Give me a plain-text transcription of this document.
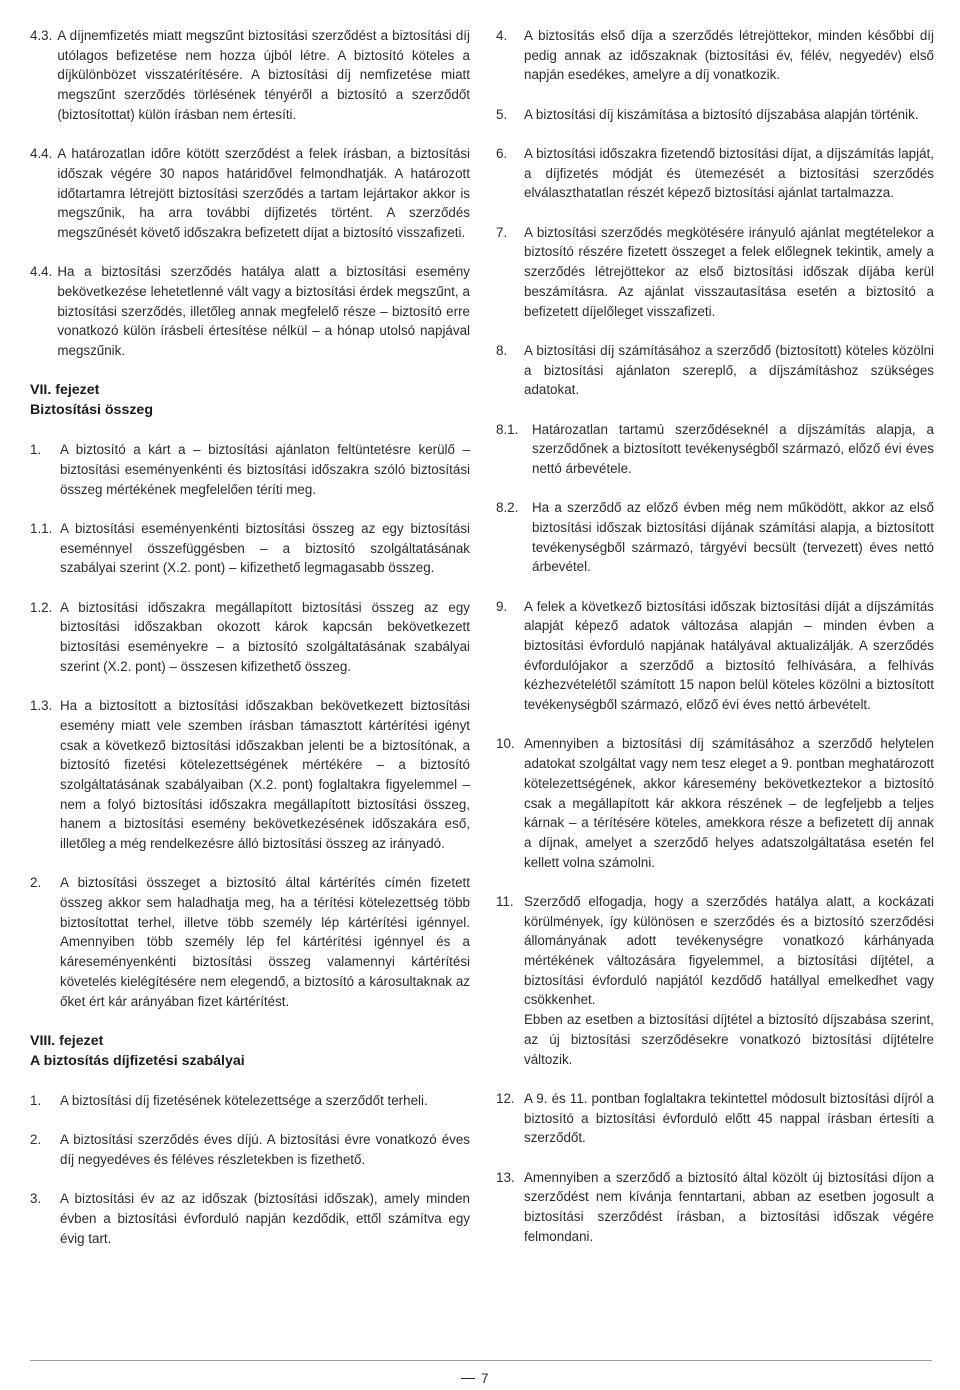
4.3. A díjnemfizetés miatt megszűnt biztosítási szerződést a biztosítási díj utólagos befizetése nem hozza újból létre. A biztosító köteles a díjkülönbözet visszatérítésére. A biztosítási díj nemfizetése miatt megszűnt szerződés törlésének tényéről a biztosító a szerződőt (biztosítottat) külön írásban nem értesíti.
4.4. A határozatlan időre kötött szerződést a felek írásban, a biztosítási időszak végére 30 napos határidővel felmondhatják. A határozott időtartamra létrejött biztosítási szerződés a tartam lejártakor akkor is megszűnik, ha arra további díjfizetés történt. A szerződés megszűnését követő időszakra befizetett díjat a biztosító visszafizeti.
4.4. Ha a biztosítási szerződés hatálya alatt a biztosítási esemény bekövetkezése lehetetlenné vált vagy a biztosítási érdek megszűnt, a biztosítási szerződés, illetőleg annak megfelelő része – biztosító erre vonatkozó külön írásbeli értesítése nélkül – a hónap utolsó napjával megszűnik.
VII. fejezet
Biztosítási összeg
1.	A biztosító a kárt a – biztosítási ajánlaton feltüntetésre kerülő – biztosítási eseményenkénti és biztosítási időszakra szóló biztosítási összeg mértékének megfelelően téríti meg.
1.1. A biztosítási eseményenkénti biztosítási összeg az egy biztosítási eseménnyel összefüggésben – a biztosító szolgáltatásának szabályai szerint (X.2. pont) – kifizethető legmagasabb összeg.
1.2. A biztosítási időszakra megállapított biztosítási összeg az egy biztosítási időszakban okozott károk kapcsán bekövetkezett biztosítási eseményekre – a biztosító szolgáltatásának szabályai szerint (X.2. pont) – összesen kifizethető összeg.
1.3. Ha a biztosított a biztosítási időszakban bekövetkezett biztosítási esemény miatt vele szemben írásban támasztott kártérítési igényt csak a következő biztosítási időszakban jelenti be a biztosítónak, a biztosító fizetési kötelezettségének mértékére – a biztosító szolgáltatásának szabályaiban (X.2. pont) foglaltakra figyelemmel – nem a folyó biztosítási időszakra megállapított biztosítási összeg, hanem a biztosítási esemény bekövetkezésének időszakára eső, illetőleg a még rendelkezésre álló biztosítási összeg az irányadó.
2.	A biztosítási összeget a biztosító által kártérítés címén fizetett összeg akkor sem haladhatja meg, ha a térítési kötelezettség több biztosítottat terhel, illetve több személy lép kártérítési igénnyel. Amennyiben több személy lép fel kártérítési igénnyel és a káreseményenkénti biztosítási összeg valamennyi kártérítési követelés kielégítésére nem elegendő, a biztosító a károsultaknak az őket ért kár arányában fizet kártérítést.
VIII. fejezet
A biztosítás díjfizetési szabályai
1.	A biztosítási díj fizetésének kötelezettsége a szerződőt terheli.
2.	A biztosítási szerződés éves díjú. A biztosítási évre vonatkozó éves díj negyedéves és féléves részletekben is fizethető.
3.	A biztosítási év az az időszak (biztosítási időszak), amely minden évben a biztosítási évforduló napján kezdődik, ettől számítva egy évig tart.
4.	A biztosítás első díja a szerződés létrejöttekor, minden későbbi díj pedig annak az időszaknak (biztosítási év, félév, negyedév) első napján esedékes, amelyre a díj vonatkozik.
5.	A biztosítási díj kiszámítása a biztosító díjszabása alapján történik.
6.	A biztosítási időszakra fizetendő biztosítási díjat, a díjszámítás lapját, a díjfizetés módját és ütemezését a biztosítási szerződés elválaszthatatlan részét képező biztosítási ajánlat tartalmazza.
7.	A biztosítási szerződés megkötésére irányuló ajánlat megtételekor a biztosító részére fizetett összeget a felek előlegnek tekintik, amely a szerződés létrejöttekor az első biztosítási időszak díjába kerül beszámításra. Az ajánlat visszautasítása esetén a biztosító a befizetett díjelőleget visszafizeti.
8.	A biztosítási díj számításához a szerződő (biztosított) köteles közölni a biztosítási ajánlaton szereplő, a díjszámításhoz szükséges adatokat.
8.1.	Határozatlan tartamú szerződéseknél a díjszámítás alapja, a szerződőnek a biztosított tevékenységből származó, előző évi éves nettó árbevétele.
8.2.	Ha a szerződő az előző évben még nem működött, akkor az első biztosítási időszak biztosítási díjának számítási alapja, a biztosított tevékenységből származó, tárgyévi becsült (tervezett) éves nettó árbevétel.
9.	A felek a következő biztosítási időszak biztosítási díját a díjszámítás alapját képező adatok változása alapján – minden évben a biztosítási évforduló napjának hatályával aktualizálják. A szerződés évfordulójakor a szerződő a biztosító felhívására, a felhívás kézhezvételétől számított 15 napon belül köteles közölni a biztosított tevékenységből származó, előző évi éves nettó árbevételt.
10. Amennyiben a biztosítási díj számításához a szerződő helytelen adatokat szolgáltat vagy nem tesz eleget a 9. pontban meghatározott kötelezettségének, akkor káresemény bekövetkeztekor a biztosító csak a megállapított kár akkora részének – de legfeljebb a teljes kárnak – a térítésére köteles, amekkora része a befizetett díj annak a díjnak, amelyet a szerződő helyes adatszolgáltatása esetén fel kellett volna számolni.
11. Szerződő elfogadja, hogy a szerződés hatálya alatt, a kockázati körülmények, így különösen e szerződés és a biztosító szerződési állományának adott tevékenységre vonatkozó kárhányada mértékének változására figyelemmel, a biztosítási díjtétel, a biztosítási évforduló napjától kezdődő hatállyal emelkedhet vagy csökkenhet.
Ebben az esetben a biztosítási díjtétel a biztosító díjszabása szerint, az új biztosítási szerződésekre vonatkozó biztosítási díjtételre változik.
12. A 9. és 11. pontban foglaltakra tekintettel módosult biztosítási díjról a biztosító a biztosítási évforduló előtt 45 nappal írásban értesíti a szerződőt.
13. Amennyiben a szerződő a biztosító által közölt új biztosítási díjon a szerződést nem kívánja fenntartani, abban az esetben jogosult a biztosítási szerződést írásban, a biztosítási időszak végére felmondani.
7
